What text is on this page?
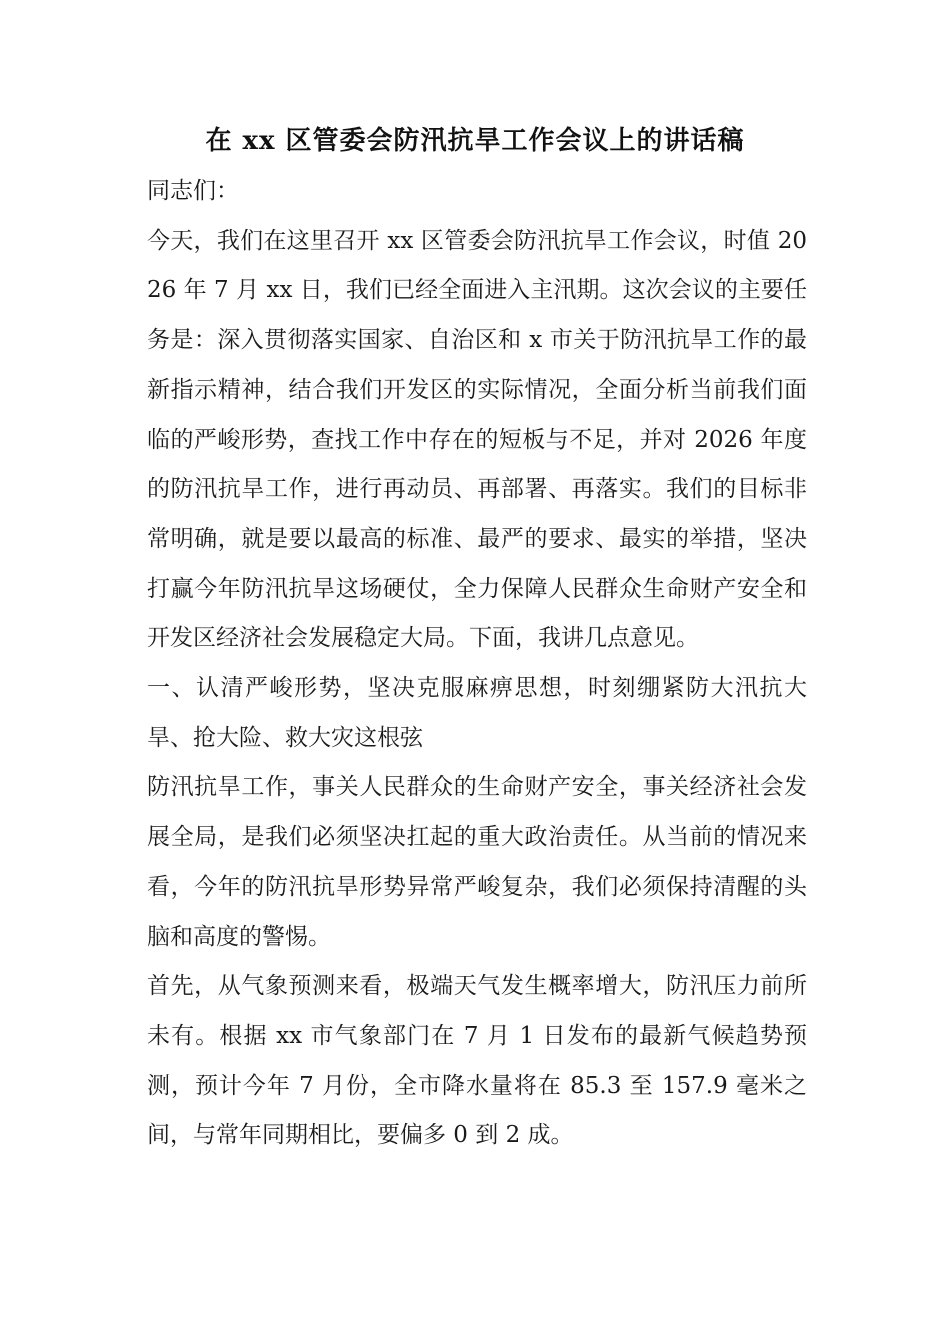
在 xx 区管委会防汛抗旱工作会议上的讲话稿

同志们：

今天，我们在这里召开 xx 区管委会防汛抗旱工作会议，时值 2026 年 7 月 xx 日，我们已经全面进入主汛期。这次会议的主要任务是：深入贯彻落实国家、自治区和 x 市关于防汛抗旱工作的最新指示精神，结合我们开发区的实际情况，全面分析当前我们面临的严峻形势，查找工作中存在的短板与不足，并对 2026 年度的防汛抗旱工作，进行再动员、再部署、再落实。我们的目标非常明确，就是要以最高的标准、最严的要求、最实的举措，坚决打赢今年防汛抗旱这场硬仗，全力保障人民群众生命财产安全和开发区经济社会发展稳定大局。下面，我讲几点意见。

一、认清严峻形势，坚决克服麻痹思想，时刻绷紧防大汛抗大旱、抢大险、救大灾这根弦

防汛抗旱工作，事关人民群众的生命财产安全，事关经济社会发展全局，是我们必须坚决扛起的重大政治责任。从当前的情况来看，今年的防汛抗旱形势异常严峻复杂，我们必须保持清醒的头脑和高度的警惕。

首先，从气象预测来看，极端天气发生概率增大，防汛压力前所未有。根据 xx 市气象部门在 7 月 1 日发布的最新气候趋势预测，预计今年 7 月份，全市降水量将在 85.3 至 157.9 毫米之间，与常年同期相比，要偏多 0 到 2 成。
